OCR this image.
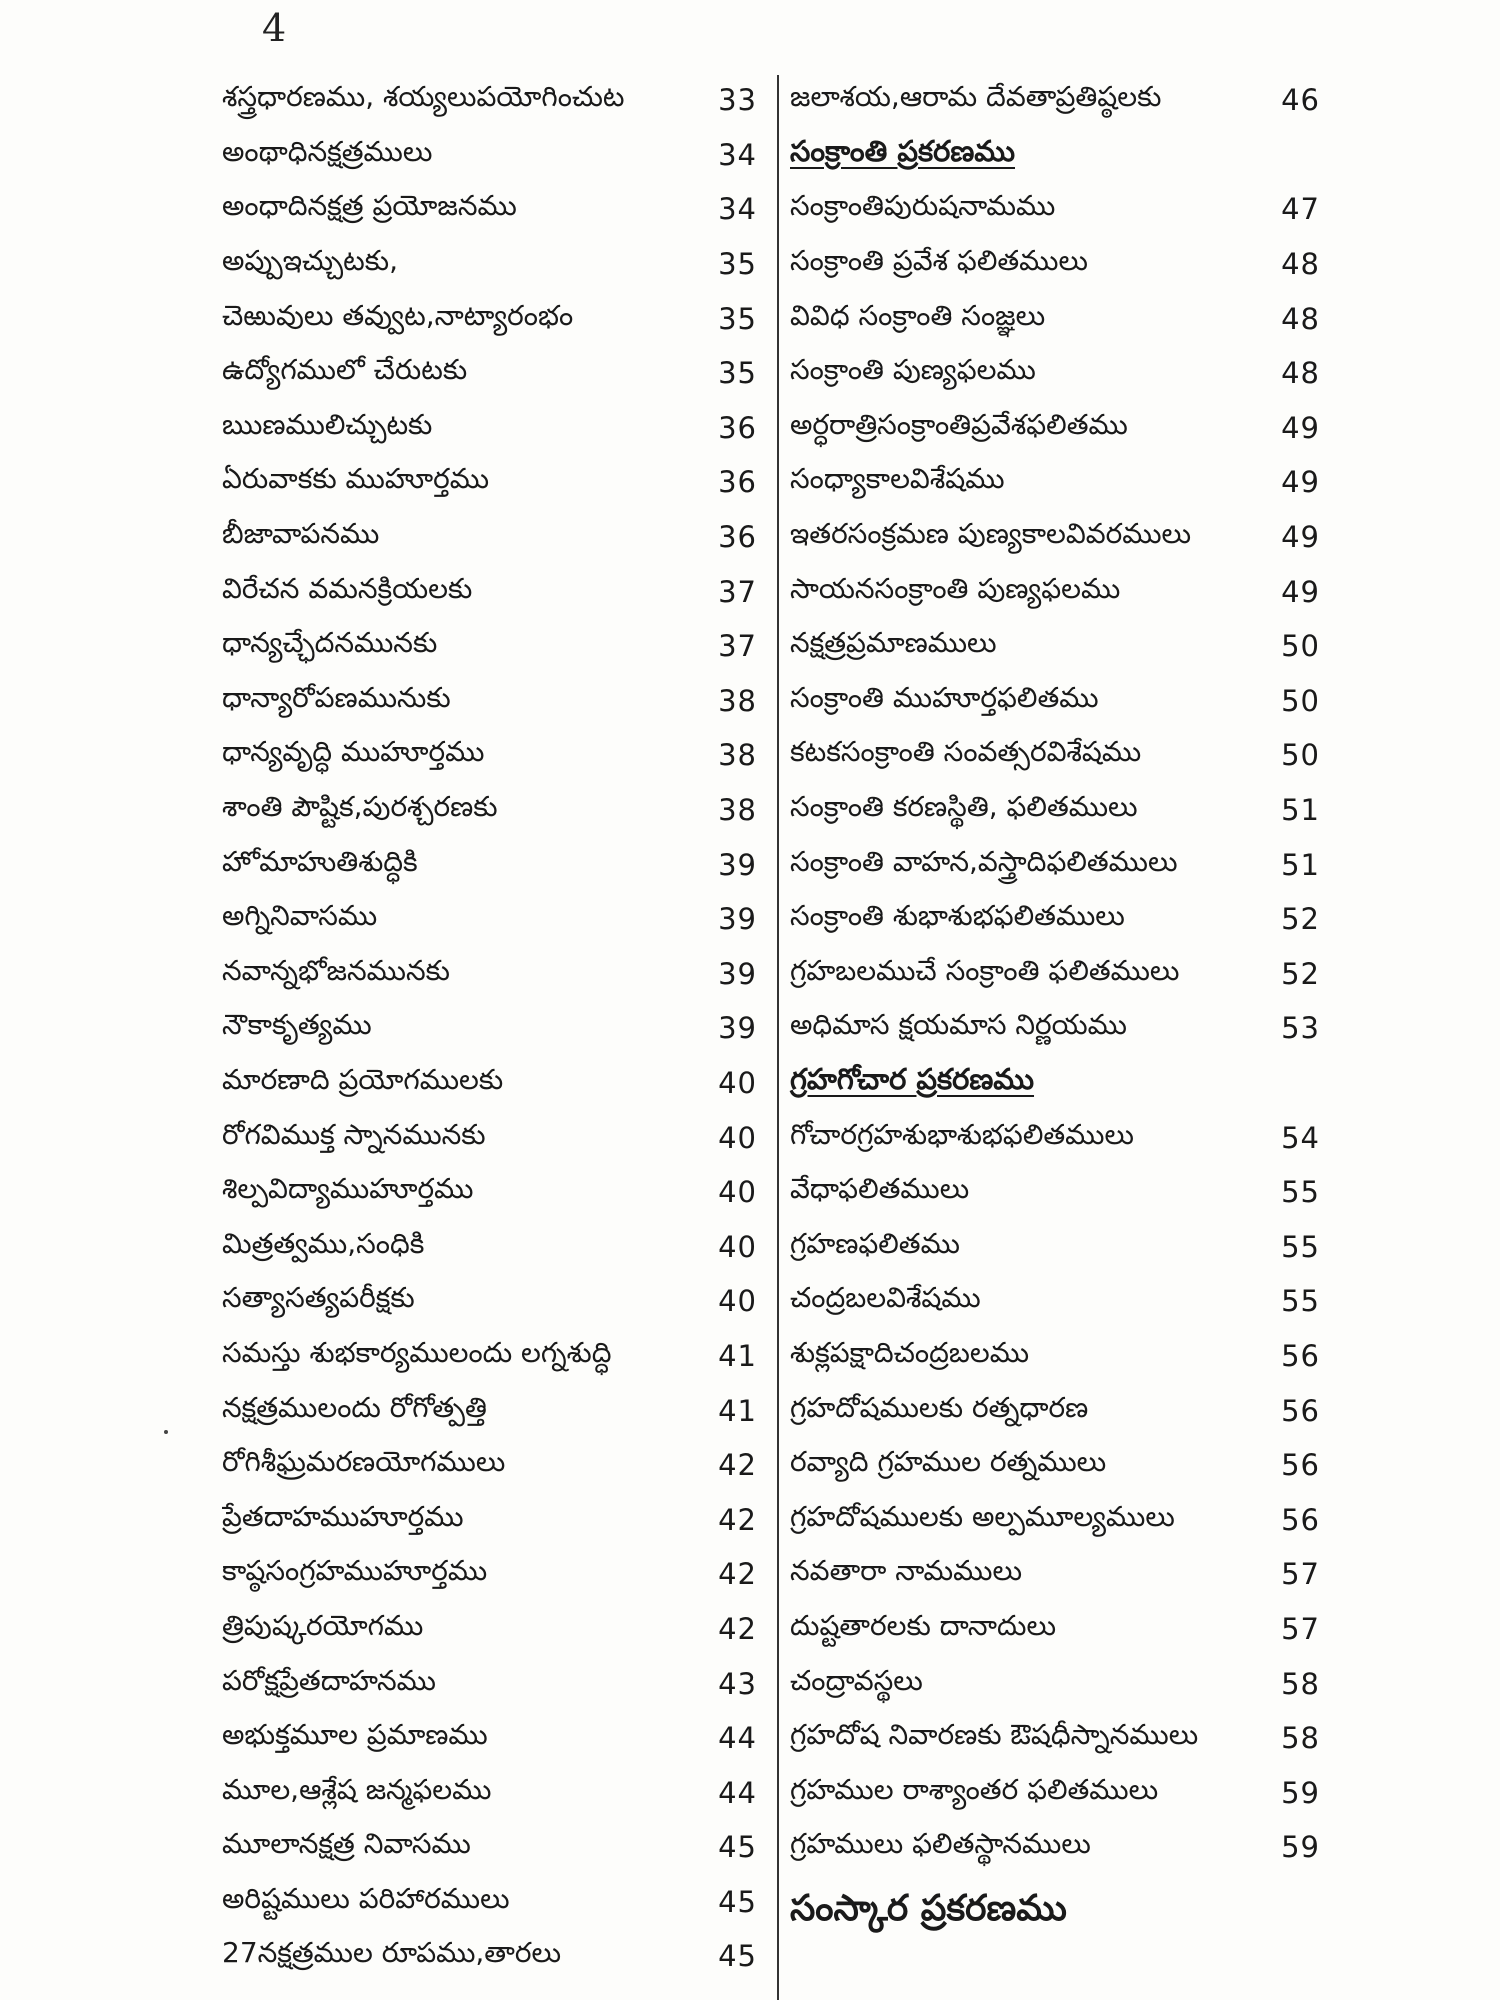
4
శస్త్రధారణము, శయ్యలుపయోగించుట	33
అంథాధినక్షత్రములు	34
అంధాదినక్షత్ర ప్రయోజనము	34
అప్పుఇచ్చుటకు,	35
చెఱువులు తవ్వుట,నాట్యారంభం	35
ఉద్యోగములో చేరుటకు	35
ఋణములిచ్చుటకు	36
ఏరువాకకు ముహూర్తము	36
బీజావాపనము	36
విరేచన వమనక్రియలకు	37
ధాన్యచ్ఛేదనమునకు	37
ధాన్యారోపణమునుకు	38
ధాన్యవృద్ధి ముహూర్తము	38
శాంతి పౌష్టిక,పురశ్చరణకు	38
హోమాహుతిశుద్ధికి	39
అగ్నినివాసము	39
నవాన్నభోజనమునకు	39
నౌకాకృత్యము	39
మారణాది ప్రయోగములకు	40
రోగవిముక్త స్నానమునకు	40
శిల్పవిద్యాముహూర్తము	40
మిత్రత్వము,సంధికి	40
సత్యాసత్యపరీక్షకు	40
సమస్తు శుభకార్యములందు లగ్నశుద్ధి	41
నక్షత్రములందు రోగోత్పత్తి	41
రోగిశీఘ్రమరణయోగములు	42
ప్రేతదాహముహూర్తము	42
కాష్ఠసంగ్రహముహూర్తము	42
త్రిపుష్కరయోగము	42
పరోక్షప్రేతదాహనము	43
అభుక్తమూల ప్రమాణము	44
మూల,ఆశ్లేష జన్మఫలము	44
మూలానక్షత్ర నివాసము	45
అరిష్టములు పరిహారములు	45
27నక్షత్రముల రూపము,తారలు	45
జలాశయ,ఆరామ దేవతాప్రతిష్ఠలకు	46
సంక్రాంతి ప్రకరణము
సంక్రాంతిపురుషనామము	47
సంక్రాంతి ప్రవేశ ఫలితములు	48
వివిధ సంక్రాంతి సంజ్ఞలు	48
సంక్రాంతి పుణ్యఫలము	48
అర్ధరాత్రిసంక్రాంతిప్రవేశఫలితము	49
సంధ్యాకాలవిశేషము	49
ఇతరసంక్రమణ పుణ్యకాలవివరములు	49
సాయనసంక్రాంతి పుణ్యఫలము	49
నక్షత్రప్రమాణములు	50
సంక్రాంతి ముహూర్తఫలితము	50
కటకసంక్రాంతి సంవత్సరవిశేషము	50
సంక్రాంతి కరణస్థితి, ఫలితములు	51
సంక్రాంతి వాహన,వస్త్రాదిఫలితములు	51
సంక్రాంతి శుభాశుభఫలితములు	52
గ్రహబలముచే సంక్రాంతి ఫలితములు	52
అధిమాస క్షయమాస నిర్ణయము	53
గ్రహగోచార ప్రకరణము
గోచారగ్రహశుభాశుభఫలితములు	54
వేధాఫలితములు	55
గ్రహణఫలితము	55
చంద్రబలవిశేషము	55
శుక్లపక్షాదిచంద్రబలము	56
గ్రహదోషములకు రత్నధారణ	56
రవ్యాది గ్రహముల రత్నములు	56
గ్రహదోషములకు అల్పమూల్యములు	56
నవతారా నామములు	57
దుష్టతారలకు దానాదులు	57
చంద్రావస్థలు	58
గ్రహదోష నివారణకు ఔషధీస్నానములు	58
గ్రహముల రాశ్యాంతర ఫలితములు	59
గ్రహములు ఫలితస్థానములు	59
సంస్కార ప్రకరణము
